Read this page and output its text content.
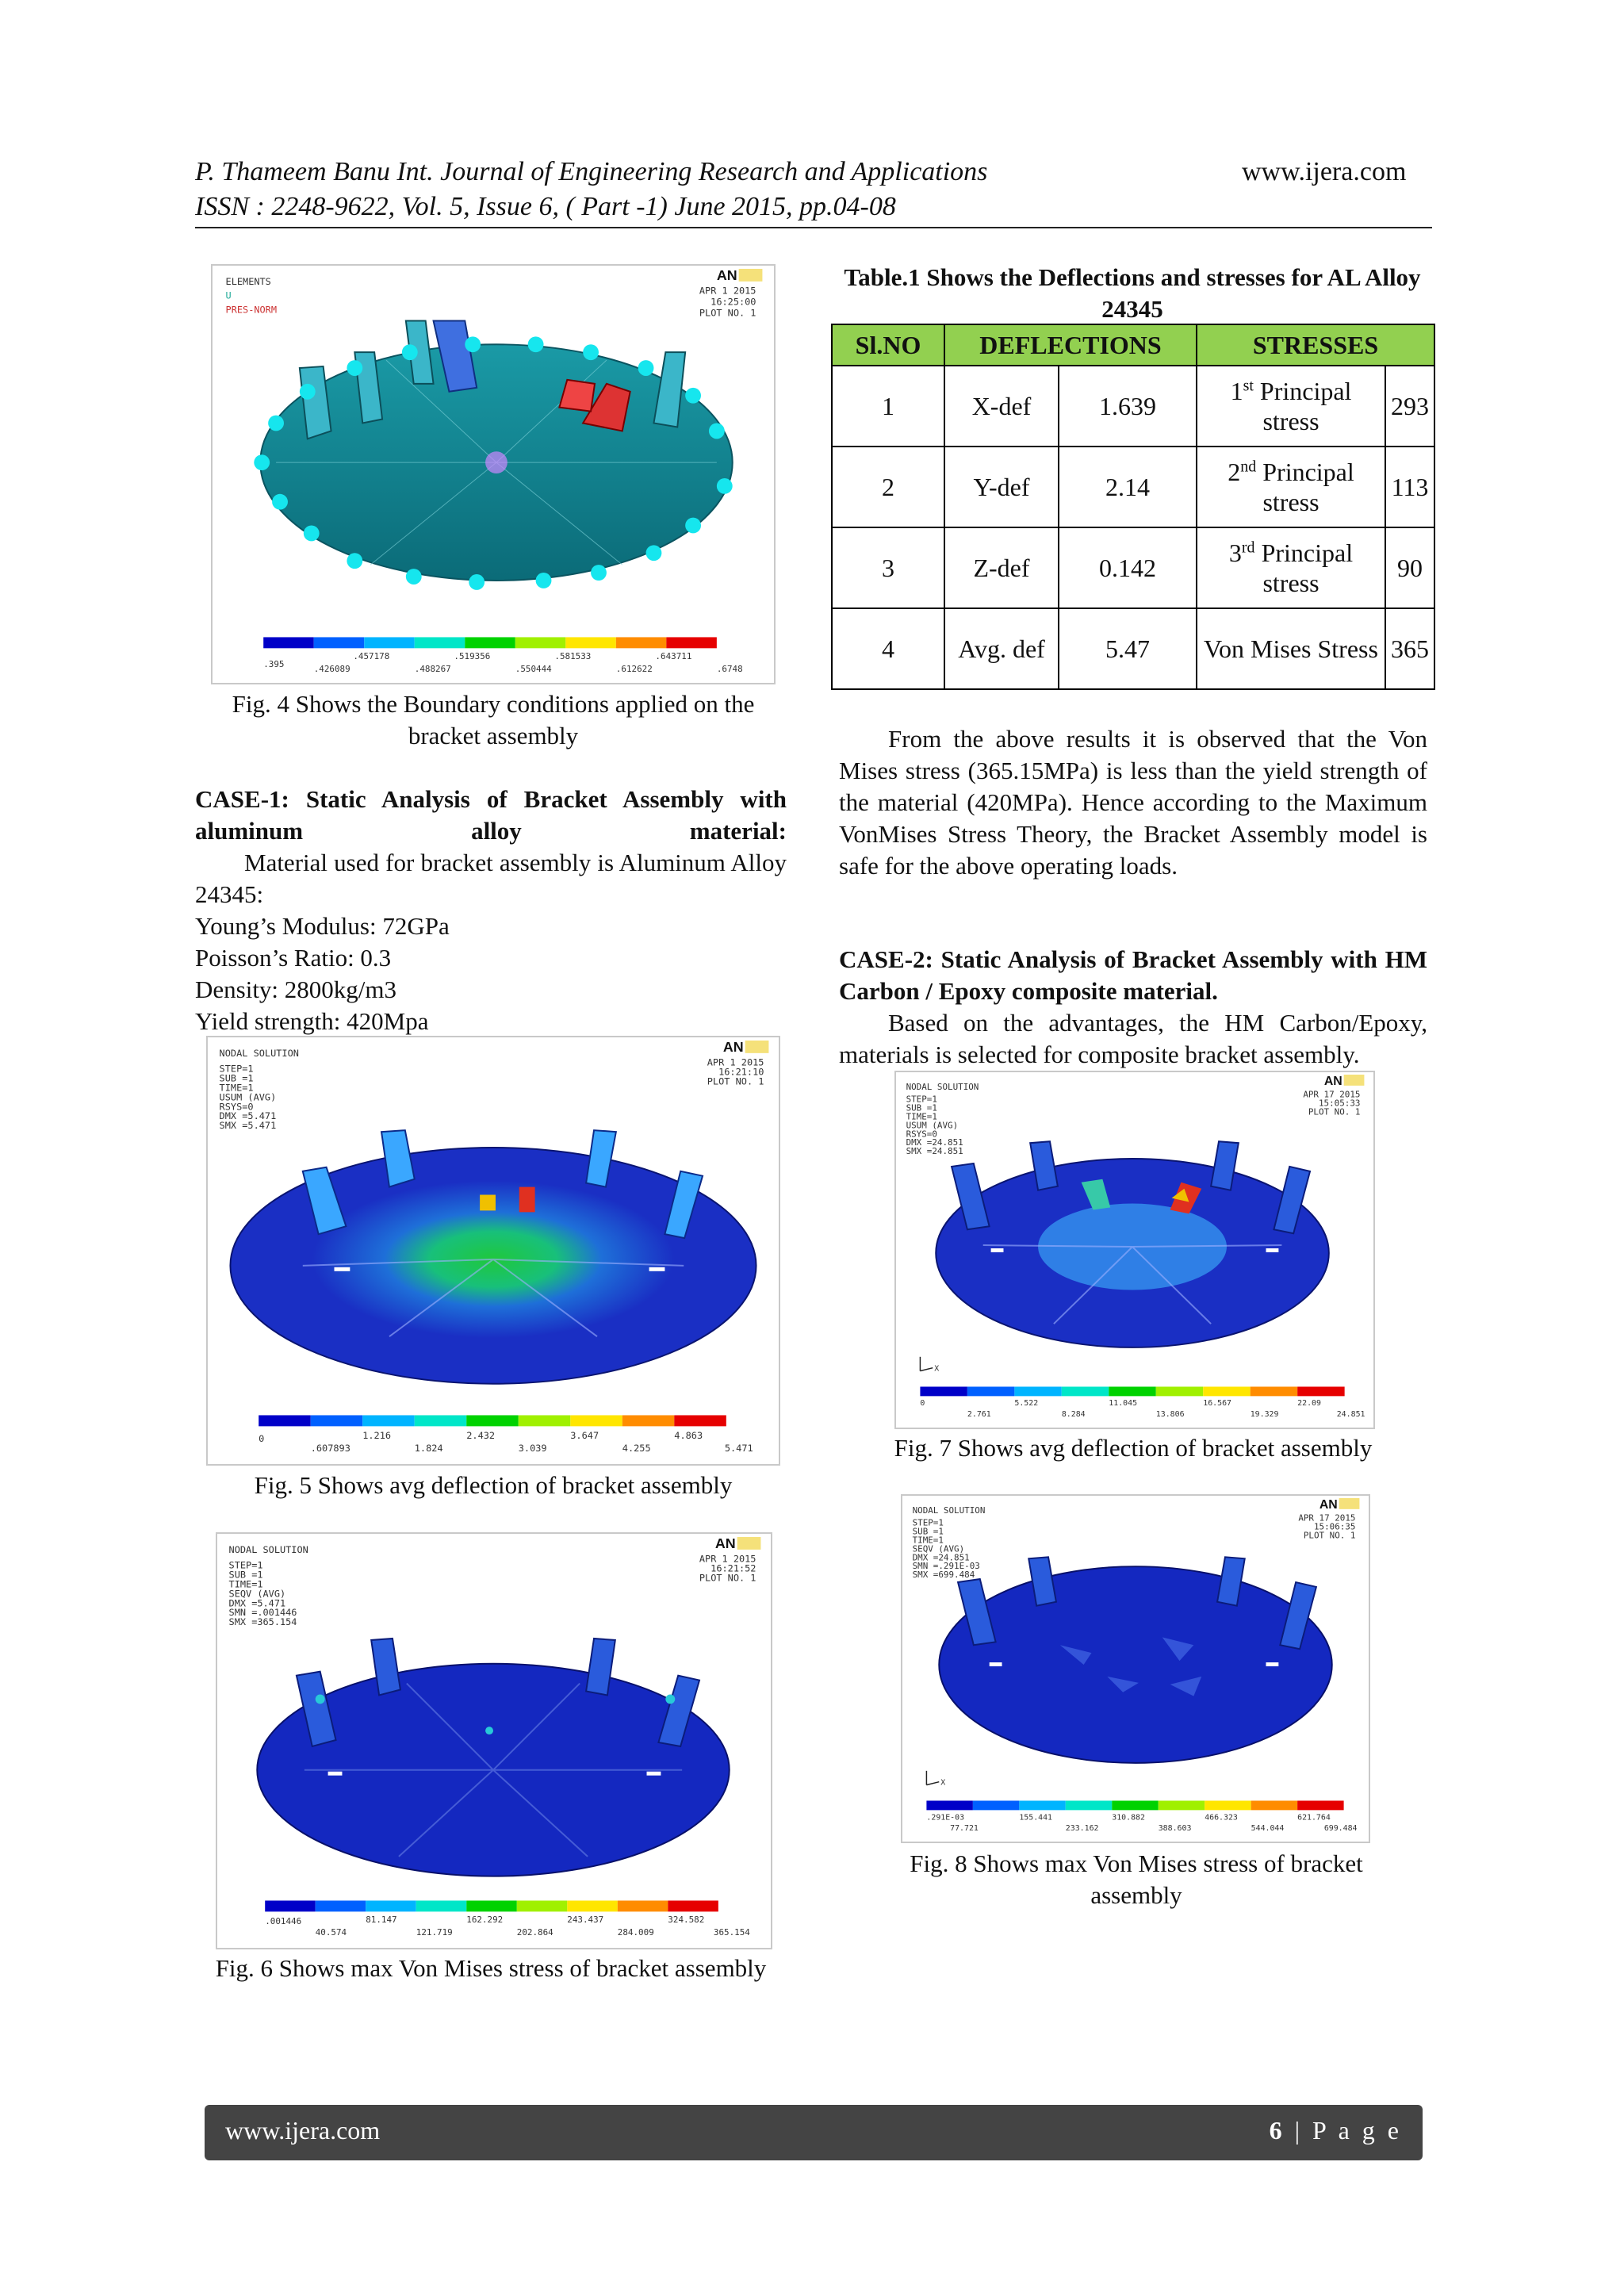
P. Thameem Banu Int. Journal of Engineering Research and Applications	www.ijera.com
ISSN : 2248-9622, Vol. 5, Issue 6, ( Part -1) June 2015, pp.04-08
ELEMENTS
U
PRES-NORM
APR 1 2015
16:25:00
PLOT NO. 1
AN
.457178	.519356	.581533	.643711
.395	.426089	.488267	.550444	.612622	.6748
Fig. 4 Shows the Boundary conditions applied on the bracket assembly
CASE-1: Static Analysis of Bracket Assembly with aluminum alloy material:
Material used for bracket assembly is Aluminum Alloy 24345:
Young’s Modulus: 72GPa
Poisson’s Ratio: 0.3
Density: 2800kg/m3
Yield strength: 420Mpa
NODAL SOLUTION
STEP=1
SUB =1
TIME=1
USUM (AVG)
RSYS=0
DMX =5.471
SMX =5.471
APR 1 2015
16:21:10
PLOT NO. 1
AN
1.216	2.432	3.647	4.863
0
.607893	1.824	3.039	4.255	5.471
Fig. 5 Shows avg deflection of bracket assembly
NODAL SOLUTION
STEP=1
SUB =1
TIME=1
SEQV (AVG)
DMX =5.471
SMN =.001446
SMX =365.154
APR 1 2015
16:21:52
PLOT NO. 1
AN
81.147	162.292	243.437	324.582
.001446
40.574	121.719	202.864	284.009	365.154
Fig. 6 Shows max Von Mises stress of bracket assembly
Table.1 Shows the Deflections and stresses for AL Alloy 24345
Sl.NO	DEFLECTIONS		STRESSES	
1	X-def	1.639	1st Principal stress	293
2	Y-def	2.14	2nd Principal stress	113
3	Z-def	0.142	3rd Principal stress	90
4	Avg. def	5.47	Von Mises Stress	365
From the above results it is observed that the Von Mises stress (365.15MPa) is less than the yield strength of the material (420MPa). Hence according to the Maximum VonMises Stress Theory, the Bracket Assembly model is safe for the above operating loads.
CASE-2: Static Analysis of Bracket Assembly with HM Carbon / Epoxy composite material.
Based on the advantages, the HM Carbon/Epoxy, materials is selected for composite bracket assembly.
NODAL SOLUTION
STEP=1
SUB =1
TIME=1
USUM (AVG)
RSYS=0
DMX =24.851
SMX =24.851
APR 17 2015
15:05:33
PLOT NO. 1
AN
X
5.522	11.045	16.567	22.09
0
2.761	8.284	13.806	19.329	24.851
Fig. 7 Shows avg deflection of bracket assembly
NODAL SOLUTION
STEP=1
SUB =1
TIME=1
SEQV (AVG)
DMX =24.851
SMN =.291E-03
SMX =699.484
APR 17 2015
15:06:35
PLOT NO. 1
AN
X
155.441	310.882	466.323	621.764
.291E-03
77.721	233.162	388.603	544.044	699.484
Fig. 8 Shows max Von Mises stress of bracket assembly
www.ijera.com	6 | P a g e
